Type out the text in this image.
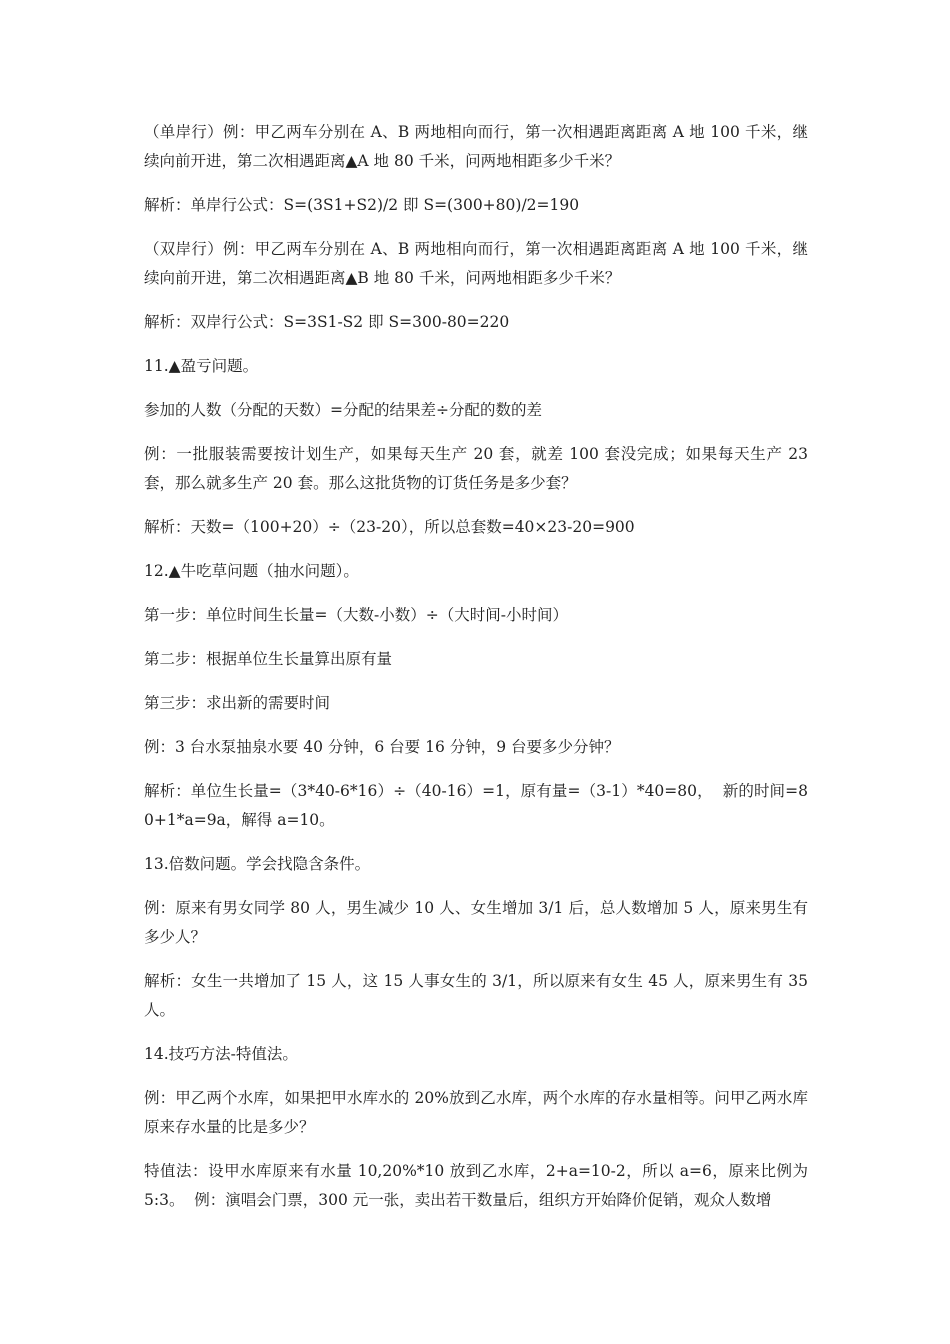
（单岸行）例：甲乙两车分别在 A、B 两地相向而行，第一次相遇距离距离 A 地 100 千米，继续向前开进，第二次相遇距离▲A 地 80 千米，问两地相距多少千米？

解析：单岸行公式：S=(3S1+S2)/2 即 S=(300+80)/2=190

（双岸行）例：甲乙两车分别在 A、B 两地相向而行，第一次相遇距离距离 A 地 100 千米，继续向前开进，第二次相遇距离▲B 地 80 千米，问两地相距多少千米？

解析：双岸行公式：S=3S1-S2 即 S=300-80=220

11.▲盈亏问题。

参加的人数（分配的天数）=分配的结果差÷分配的数的差

例：一批服装需要按计划生产，如果每天生产 20 套，就差 100 套没完成；如果每天生产 23 套，那么就多生产 20 套。那么这批货物的订货任务是多少套？

解析：天数=（100+20）÷（23-20），所以总套数=40×23-20=900

12.▲牛吃草问题（抽水问题）。

第一步：单位时间生长量=（大数-小数）÷（大时间-小时间）

第二步：根据单位生长量算出原有量

第三步：求出新的需要时间

例：3 台水泵抽泉水要 40 分钟，6 台要 16 分钟，9 台要多少分钟？

解析：单位生长量=（3*40-6*16）÷（40-16）=1，原有量=（3-1）*40=80，  新的时间=80+1*a=9a，解得 a=10。

13.倍数问题。学会找隐含条件。

例：原来有男女同学 80 人，男生减少 10 人、女生增加 3/1 后，总人数增加 5 人，原来男生有多少人？

解析：女生一共增加了 15 人，这 15 人事女生的 3/1，所以原来有女生 45 人，原来男生有 35 人。

14.技巧方法-特值法。

例：甲乙两个水库，如果把甲水库水的 20%放到乙水库，两个水库的存水量相等。问甲乙两水库原来存水量的比是多少？

特值法：设甲水库原来有水量 10,20%*10 放到乙水库，2+a=10-2，所以 a=6，原来比例为 5:3。  例：演唱会门票，300 元一张，卖出若干数量后，组织方开始降价促销，观众人数增
